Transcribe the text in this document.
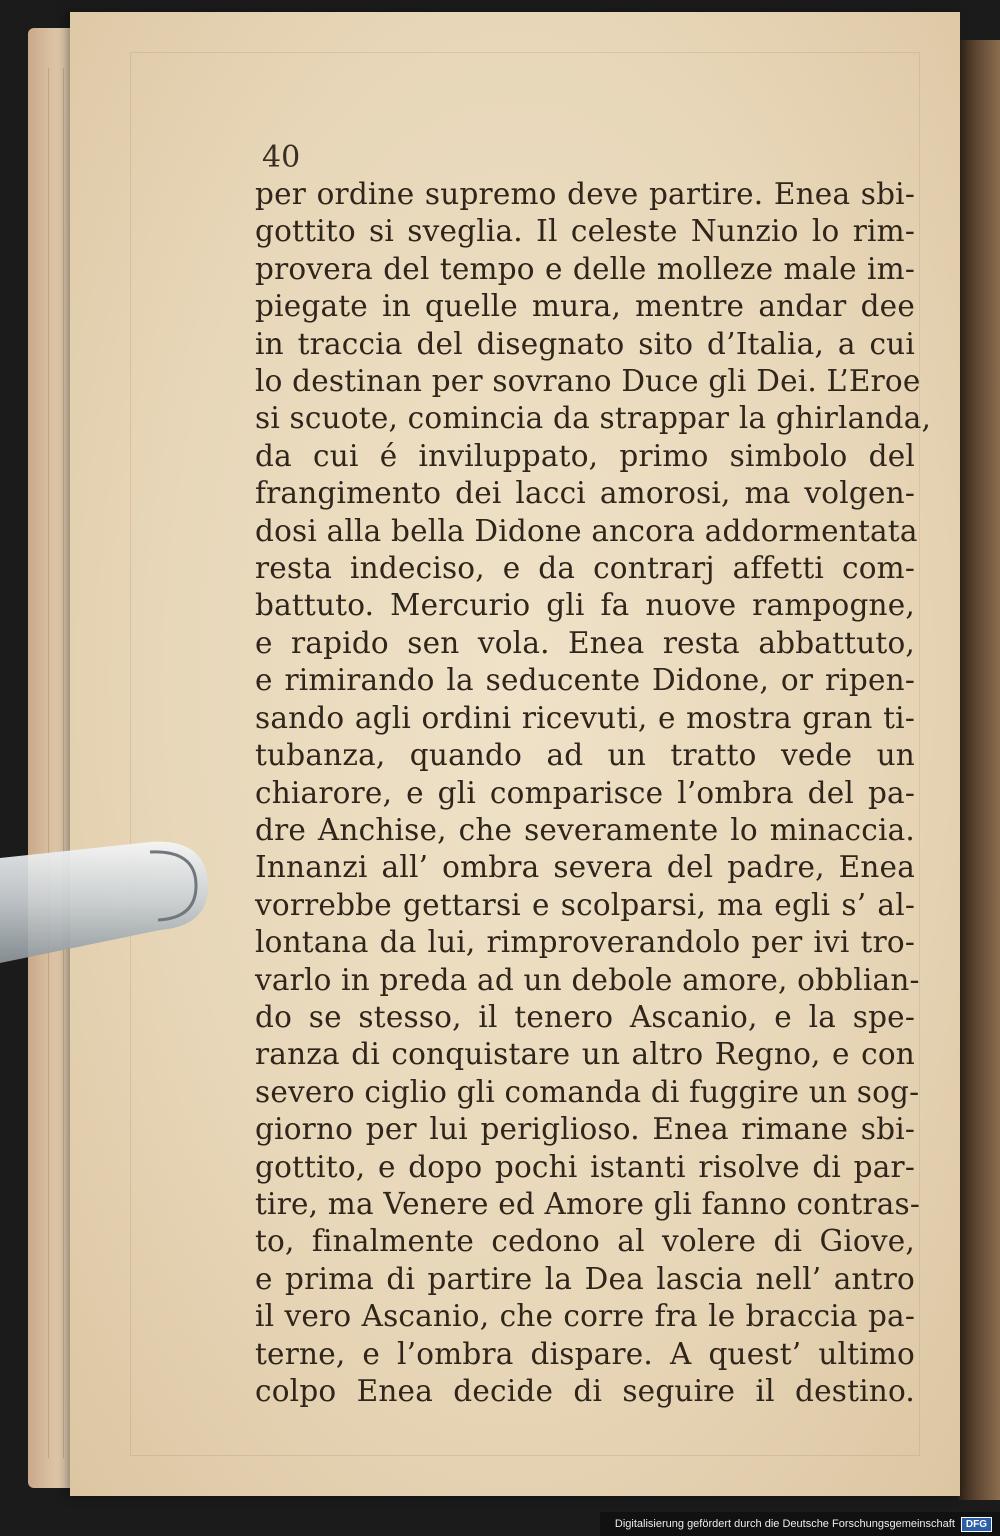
40
per ordine supremo deve partire. Enea sbi-
gottito si sveglia. Il celeste Nunzio lo rim-
provera del tempo e delle molleze male im-
piegate in quelle mura, mentre andar dee
in traccia del disegnato sito d’Italia, a cui
lo destinan per sovrano Duce gli Dei. L’Eroe
si scuote, comincia da strappar la ghirlanda,
da cui é inviluppato, primo simbolo del
frangimento dei lacci amorosi, ma volgen-
dosi alla bella Didone ancora addormentata
resta indeciso, e da contrarj affetti com-
battuto. Mercurio gli fa nuove rampogne,
e rapido sen vola. Enea resta abbattuto,
e rimirando la seducente Didone, or ripen-
sando agli ordini ricevuti, e mostra gran ti-
tubanza, quando ad un tratto vede un
chiarore, e gli comparisce l’ombra del pa-
dre Anchise, che severamente lo minaccia.
Innanzi all’ ombra severa del padre, Enea
vorrebbe gettarsi e scolparsi, ma egli s’ al-
lontana da lui, rimproverandolo per ivi tro-
varlo in preda ad un debole amore, obblian-
do se stesso, il tenero Ascanio, e la spe-
ranza di conquistare un altro Regno, e con
severo ciglio gli comanda di fuggire un sog-
giorno per lui periglioso. Enea rimane sbi-
gottito, e dopo pochi istanti risolve di par-
tire, ma Venere ed Amore gli fanno contras-
to, finalmente cedono al volere di Giove,
e prima di partire la Dea lascia nell’ antro
il vero Ascanio, che corre fra le braccia pa-
terne, e l’ombra dispare. A quest’ ultimo
colpo Enea decide di seguire il destino.
Digitalisierung gefördert durch die Deutsche Forschungsgemeinschaft	DFG
